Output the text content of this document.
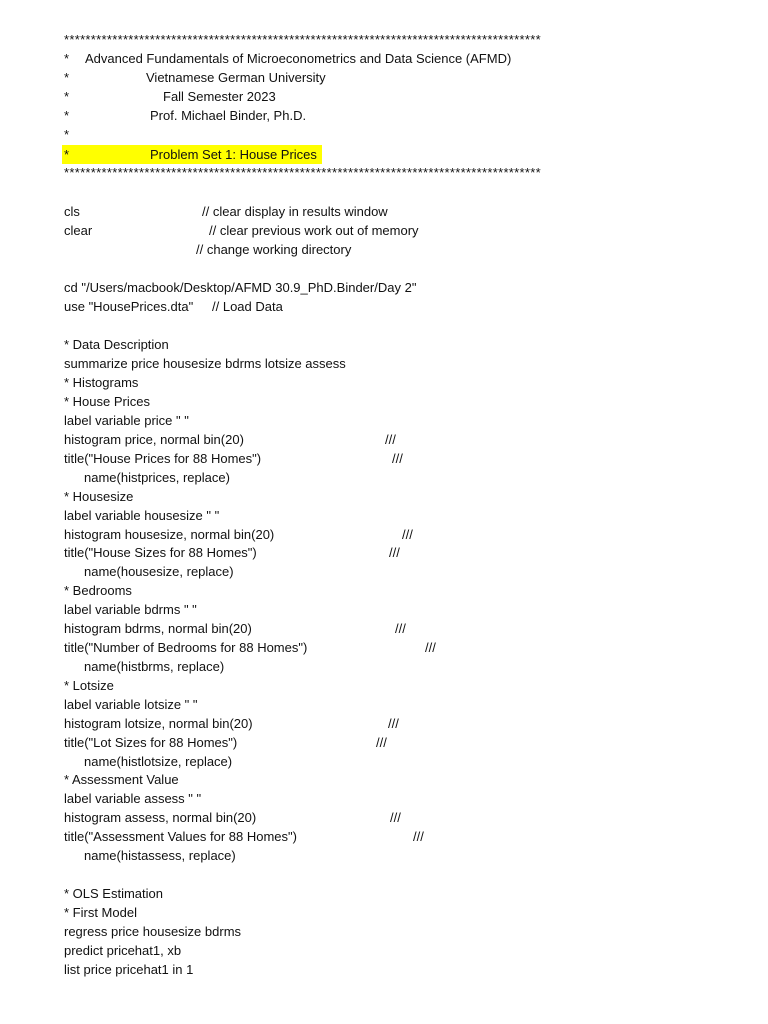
*****************************************************************************************
* Advanced Fundamentals of Microeconometrics and Data Science (AFMD)
*	Vietnamese German University
*	Fall Semester 2023
*	Prof. Michael Binder, Ph.D.
*
*	Problem Set 1: House Prices
*****************************************************************************************
cls	// clear display in results window
clear	// clear previous work out of memory
// change working directory
cd "/Users/macbook/Desktop/AFMD 30.9_PhD.Binder/Day 2"
use "HousePrices.dta" // Load Data
* Data Description
summarize price housesize bdrms lotsize assess
* Histograms
* House Prices
label variable price " "
histogram price, normal bin(20)	///
title("House Prices for 88 Homes")	///
name(histprices, replace)
* Housesize
label variable housesize " "
histogram housesize, normal bin(20)	///
title("House Sizes for 88 Homes")	///
name(housesize, replace)
* Bedrooms
label variable bdrms " "
histogram bdrms, normal bin(20)	///
title("Number of Bedrooms for 88 Homes")	///
name(histbrms, replace)
* Lotsize
label variable lotsize " "
histogram lotsize, normal bin(20)	///
title("Lot Sizes for 88 Homes")	///
name(histlotsize, replace)
* Assessment Value
label variable assess " "
histogram assess, normal bin(20)	///
title("Assessment Values for 88 Homes")	///
name(histassess, replace)
* OLS Estimation
* First Model
regress price housesize bdrms
predict pricehat1, xb
list price pricehat1 in 1
